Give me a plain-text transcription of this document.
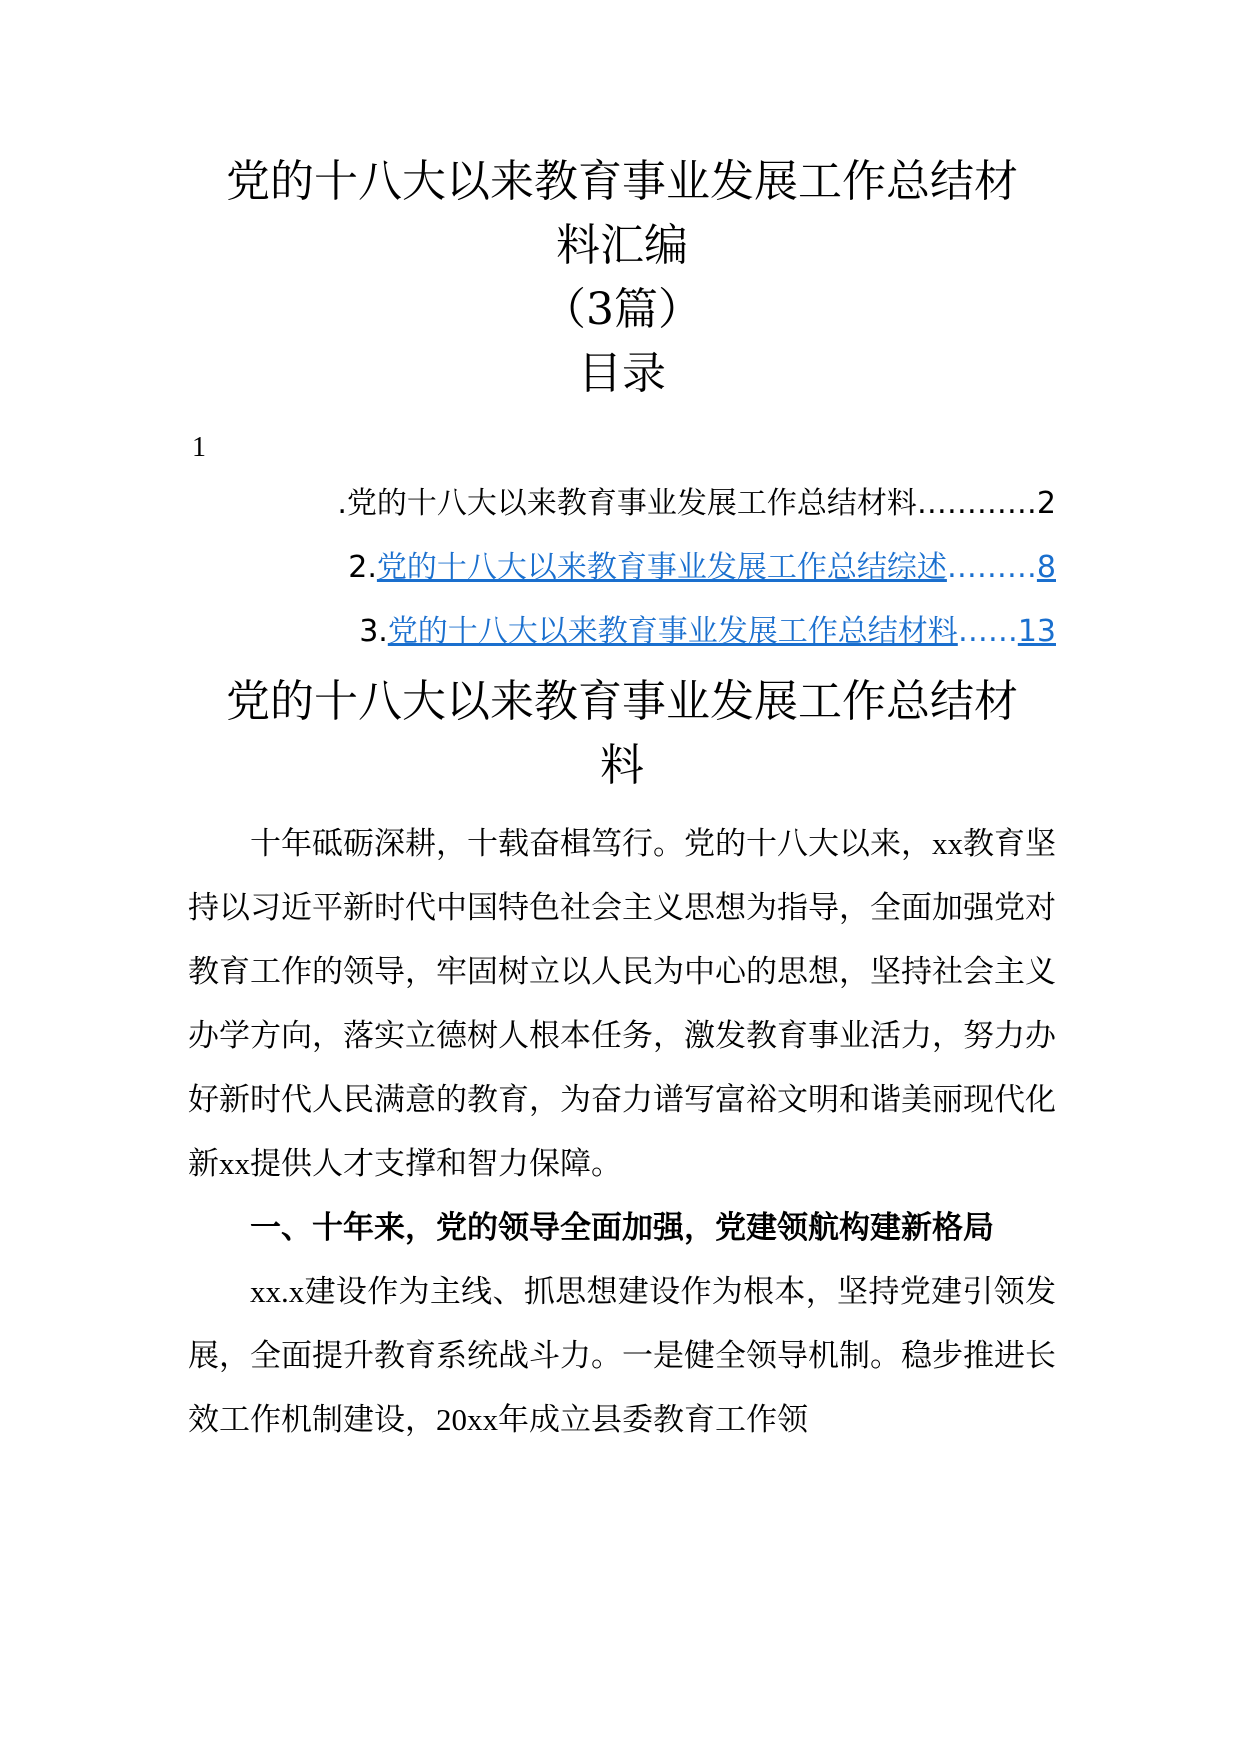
党的十八大以来教育事业发展工作总结材
料汇编
（3篇）
目录
1
. 党的十八大以来教育事业发展工作总结材料 ………… 2
2. 党的十八大以来教育事业发展工作总结综述 ……… 8
3. 党的十八大以来教育事业发展工作总结材料 …… 13
党的十八大以来教育事业发展工作总结材
料

十年砥砺深耕，十载奋楫笃行。党的十八大以来，xx教育坚持以习近平新时代中国特色社会主义思想为指导，全面加强党对教育工作的领导，牢固树立以人民为中心的思想，坚持社会主义办学方向，落实立德树人根本任务，激发教育事业活力，努力办好新时代人民满意的教育，为奋力谱写富裕文明和谐美丽现代化新xx提供人才支撑和智力保障。

一、十年来，党的领导全面加强，党建领航构建新格局

xx.x建设作为主线、抓思想建设作为根本，坚持党建引领发展，全面提升教育系统战斗力。一是健全领导机制。稳步推进长效工作机制建设，20xx年成立县委教育工作领
